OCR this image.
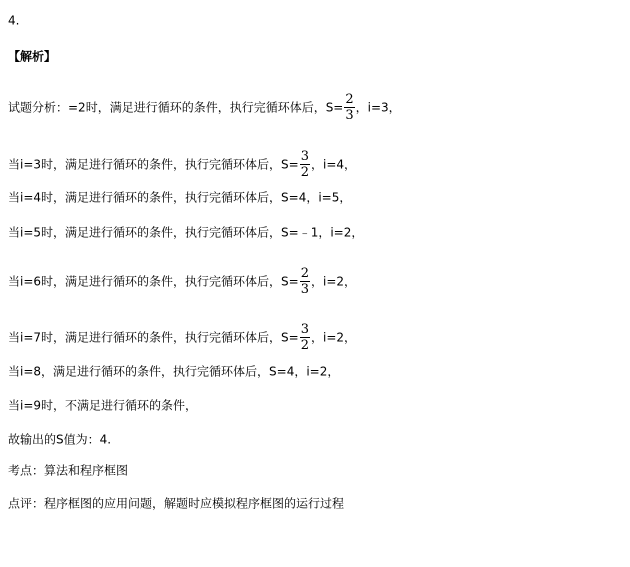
4.
【解析】
试题分析：=2时，满足进行循环的条件，执行完循环体后，$S= \frac{2}{3}$ ，i=3，
当i=3时，满足进行循环的条件，执行完循环体后，$S= \frac{3}{2}$ ，i=4，
当i=4时，满足进行循环的条件，执行完循环体后，S=4，i=5，
当i=5时，满足进行循环的条件，执行完循环体后，S=﹣1，i=2，
当i=6时，满足进行循环的条件，执行完循环体后，$S= \frac{2}{3}$ ，i=2，
当i=7时，满足进行循环的条件，执行完循环体后，$S= \frac{3}{2}$ ，i=2，
当i=8，满足进行循环的条件，执行完循环体后，S=4，i=2，
当i=9时，不满足进行循环的条件，
故输出的S值为：4.
考点：算法和程序框图
点评：程序框图的应用问题，解题时应模拟程序框图的运行过程
